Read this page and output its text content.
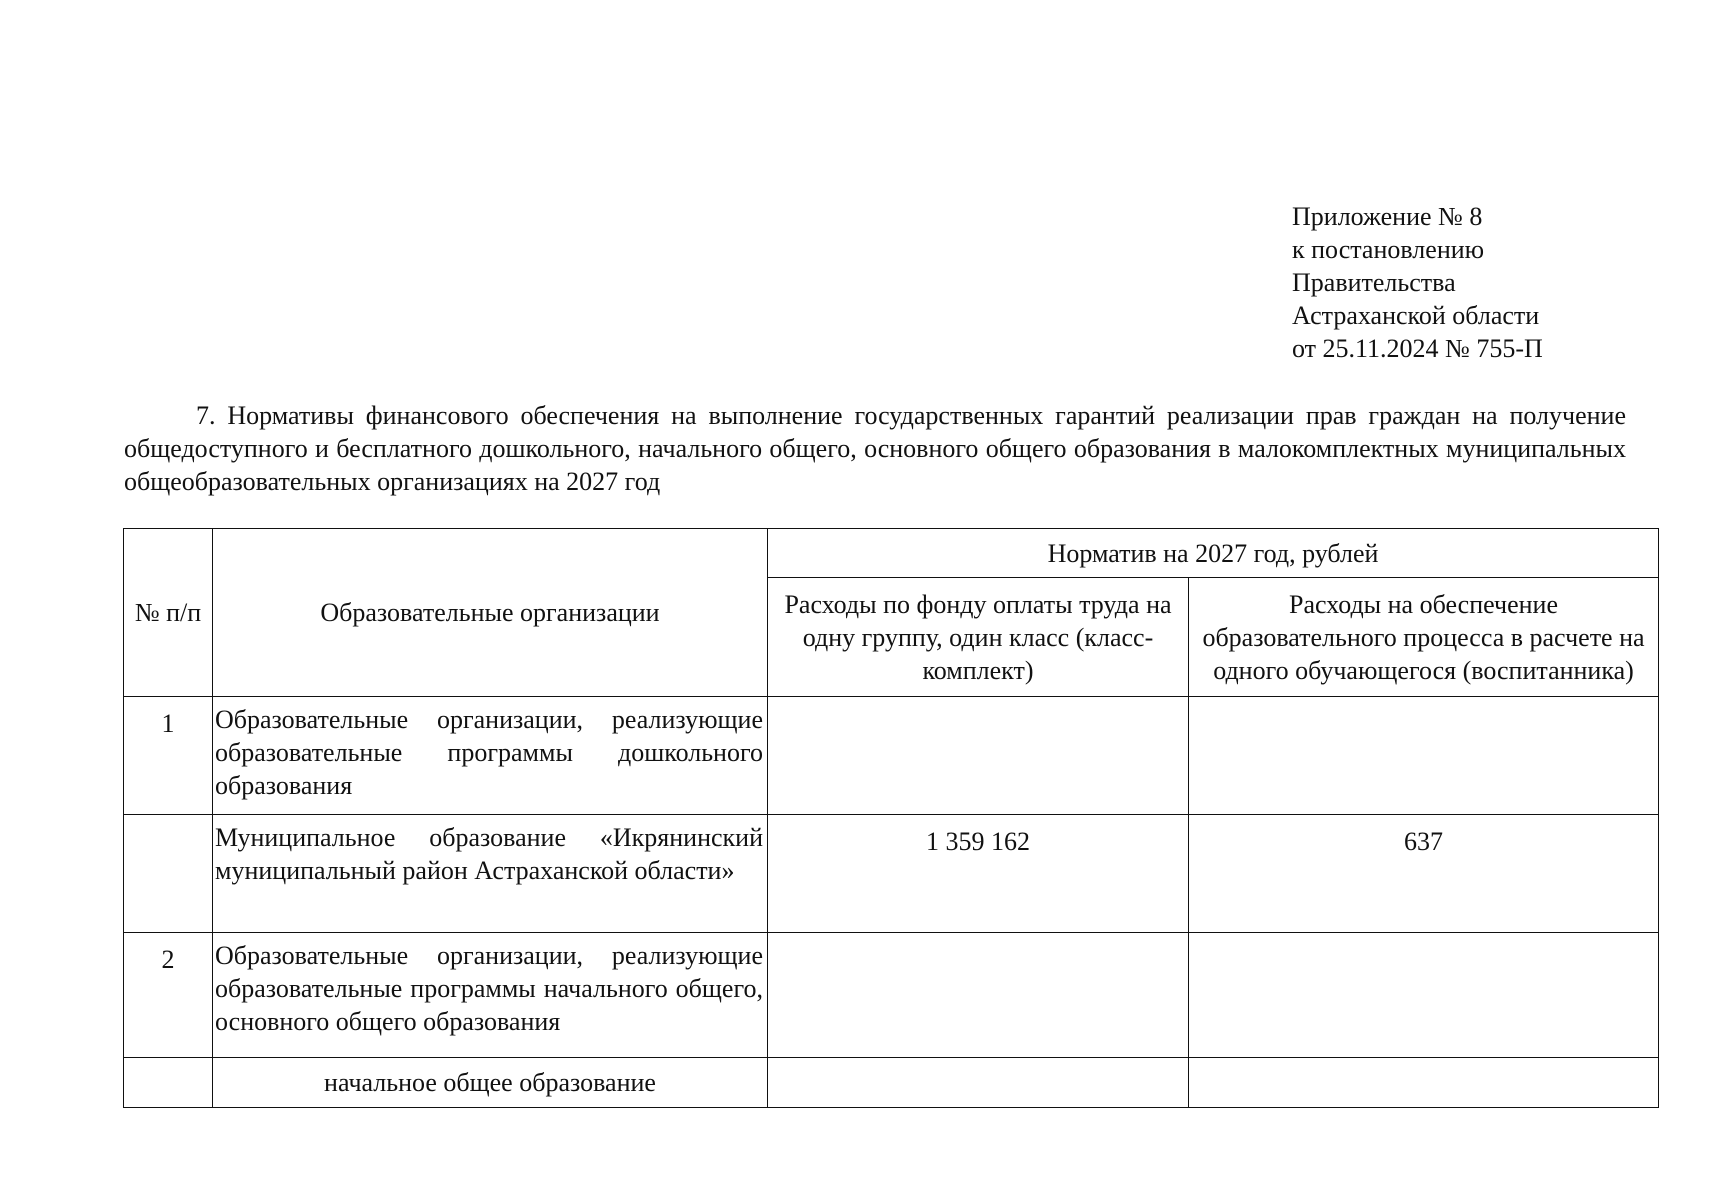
Приложение № 8
к постановлению
Правительства
Астраханской области
от 25.11.2024 № 755-П
7. Нормативы финансового обеспечения на выполнение государственных гарантий реализации прав граждан на получение общедоступного и бесплатного дошкольного, начального общего, основного общего образования в малокомплектных муниципальных общеобразовательных организациях на 2027 год
№ п/п	Образовательные организации	Норматив на 2027 год, рублей	
		Расходы по фонду оплаты труда на одну группу, один класс (класс-комплект)	Расходы на обеспечение образовательного процесса в расчете на одного обучающегося (воспитанника)
1	Образовательные организации, реализующие образовательные программы дошкольного образования		
	Муниципальное образование «Икрянинский муниципальный район Астраханской области»	1 359 162	637
2	Образовательные организации, реализующие образовательные программы начального общего, основного общего образования		
	начальное общее образование		
